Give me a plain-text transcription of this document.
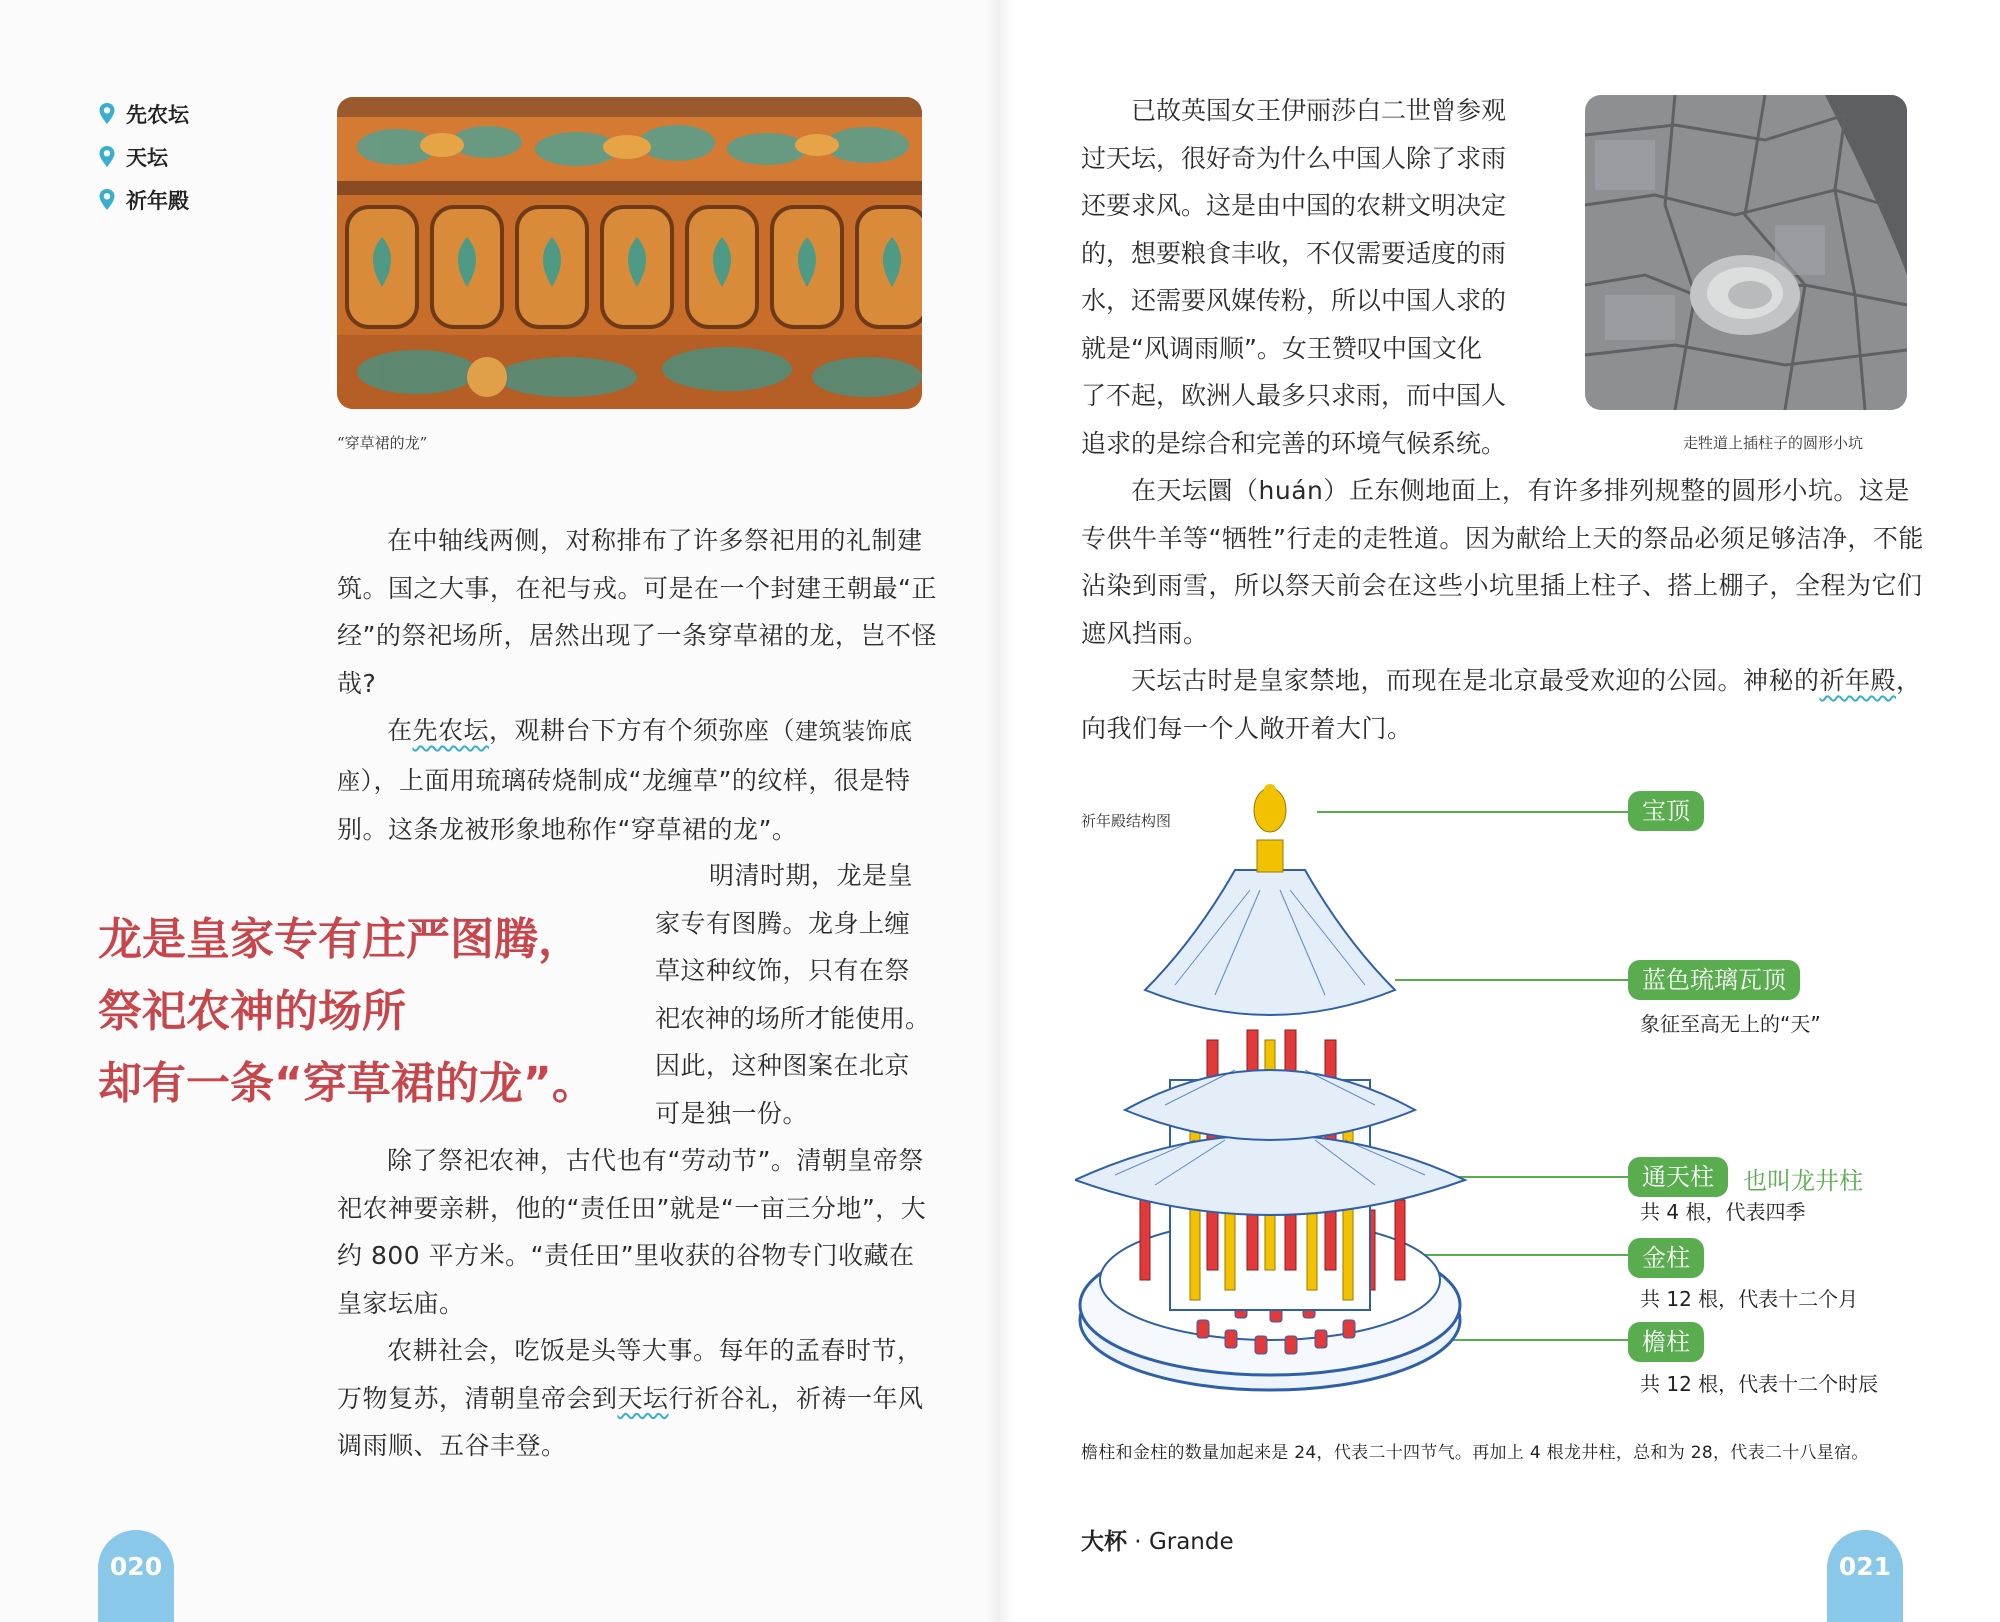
先农坛
天坛
祈年殿
“穿草裙的龙”

在中轴线两侧，对称排布了许多祭祀用的礼制建筑。国之大事，在祀与戎。可是在一个封建王朝最“正经”的祭祀场所，居然出现了一条穿草裙的龙，岂不怪哉?

在先农坛，观耕台下方有个须弥座（建筑装饰底座），上面用琉璃砖烧制成“龙缠草”的纹样，很是特别。这条龙被形象地称作“穿草裙的龙”。

龙是皇家专有庄严图腾，
祭祀农神的场所
却有一条“穿草裙的龙”。

明清时期，龙是皇

家专有图腾。龙身上缠

草这种纹饰，只有在祭

祀农神的场所才能使用。

因此，这种图案在北京

可是独一份。

除了祭祀农神，古代也有“劳动节”。清朝皇帝祭祀农神要亲耕，他的“责任田”就是“一亩三分地”，大约 800 平方米。“责任田”里收获的谷物专门收藏在皇家坛庙。

农耕社会，吃饭是头等大事。每年的孟春时节，万物复苏，清朝皇帝会到天坛行祈谷礼，祈祷一年风调雨顺、五谷丰登。

020

已故英国女王伊丽莎白二世曾参观

过天坛，很好奇为什么中国人除了求雨

还要求风。这是由中国的农耕文明决定

的，想要粮食丰收，不仅需要适度的雨

水，还需要风媒传粉，所以中国人求的

就是“风调雨顺”。女王赞叹中国文化

了不起，欧洲人最多只求雨，而中国人

追求的是综合和完善的环境气候系统。	走牲道上插柱子的圆形小坑

在天坛圜（huán）丘东侧地面上，有许多排列规整的圆形小坑。这是专供牛羊等“牺牲”行走的走牲道。因为献给上天的祭品必须足够洁净，不能沾染到雨雪，所以祭天前会在这些小坑里插上柱子、搭上棚子，全程为它们遮风挡雨。

天坛古时是皇家禁地，而现在是北京最受欢迎的公园。神秘的祈年殿，向我们每一个人敞开着大门。

祈年殿结构图	宝顶
蓝色琉璃瓦顶
象征至高无上的“天”
通天柱	也叫龙井柱
共 4 根，代表四季
金柱
共 12 根，代表十二个月
檐柱
共 12 根，代表十二个时辰
檐柱和金柱的数量加起来是 24，代表二十四节气。再加上 4 根龙井柱，总和为 28，代表二十八星宿。
大杯 · Grande
021
